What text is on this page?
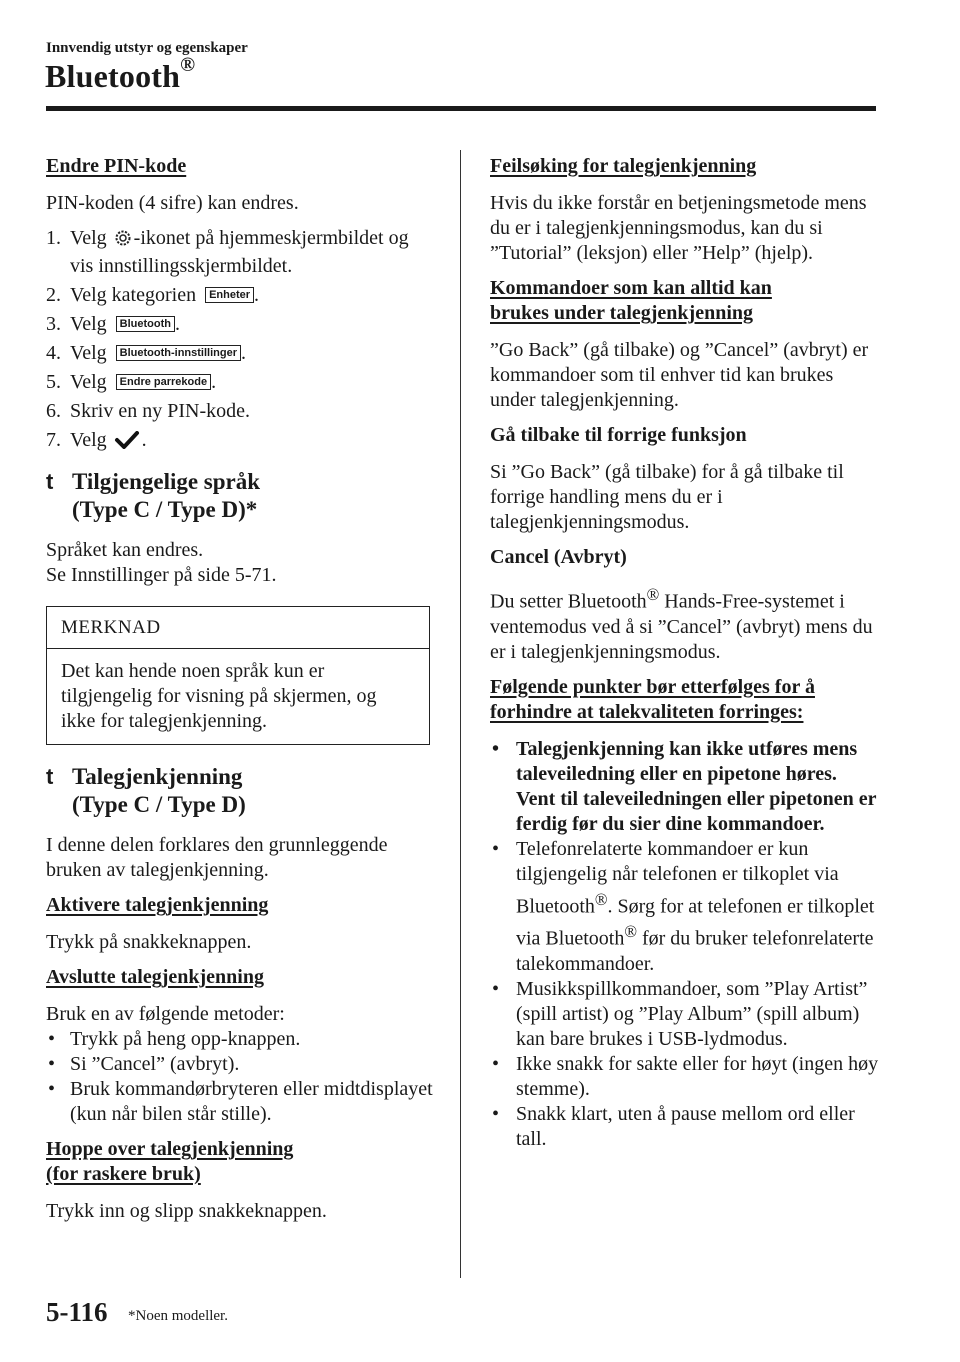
Innvendig utstyr og egenskaper
Bluetooth®
Endre PIN-kode

PIN-koden (4 sifre) kan endres.

1. Velg -ikonet på hjemmeskjermbildet og vis innstillingsskjermbildet.
2. Velg kategorien Enheter .
3. Velg Bluetooth .
4. Velg Bluetooth-innstillinger .
5. Velg Endre parrekode .
6. Skriv en ny PIN-kode.
7. Velg .
t Tilgjengelige språk
(Type C / Type D)*

Språket kan endres.

Se Innstillinger på side 5-71.

MERKNAD
Det kan hende noen språk kun er tilgjengelig for visning på skjermen, og ikke for talegjenkjenning.
t Talegjenkjenning
(Type C / Type D)

I denne delen forklares den grunnleggende bruken av talegjenkjenning.

Aktivere talegjenkjenning

Trykk på snakkeknappen.

Avslutte talegjenkjenning

Bruk en av følgende metoder:

• Trykk på heng opp-knappen.
• Si ”Cancel” (avbryt).
• Bruk kommandørbryteren eller midtdisplayet (kun når bilen står stille).
Hoppe over talegjenkjenning
(for raskere bruk)

Trykk inn og slipp snakkeknappen.

Feilsøking for talegjenkjenning

Hvis du ikke forstår en betjeningsmetode mens du er i talegjenkjenningsmodus, kan du si ”Tutorial” (leksjon) eller ”Help” (hjelp).

Kommandoer som kan alltid kan
brukes under talegjenkjenning

”Go Back” (gå tilbake) og ”Cancel” (avbryt) er kommandoer som til enhver tid kan brukes under talegjenkjenning.

Gå tilbake til forrige funksjon

Si ”Go Back” (gå tilbake) for å gå tilbake til forrige handling mens du er i talegjenkjenningsmodus.

Cancel (Avbryt)

Du setter Bluetooth® Hands-Free-systemet i ventemodus ved å si ”Cancel” (avbryt) mens du er i talegjenkjenningsmodus.

Følgende punkter bør etterfølges for å
forhindre at talekvaliteten forringes:
• Talegjenkjenning kan ikke utføres mens taleveiledning eller en pipetone høres. Vent til taleveiledningen eller pipetonen er ferdig før du sier dine kommandoer.
• Telefonrelaterte kommandoer er kun tilgjengelig når telefonen er tilkoplet via Bluetooth®. Sørg for at telefonen er tilkoplet via Bluetooth® før du bruker telefonrelaterte talekommandoer.
• Musikkspillkommandoer, som ”Play Artist” (spill artist) og ”Play Album” (spill album) kan bare brukes i USB-lydmodus.
• Ikke snakk for sakte eller for høyt (ingen høy stemme).
• Snakk klart, uten å pause mellom ord eller tall.
5-116 *Noen modeller.
